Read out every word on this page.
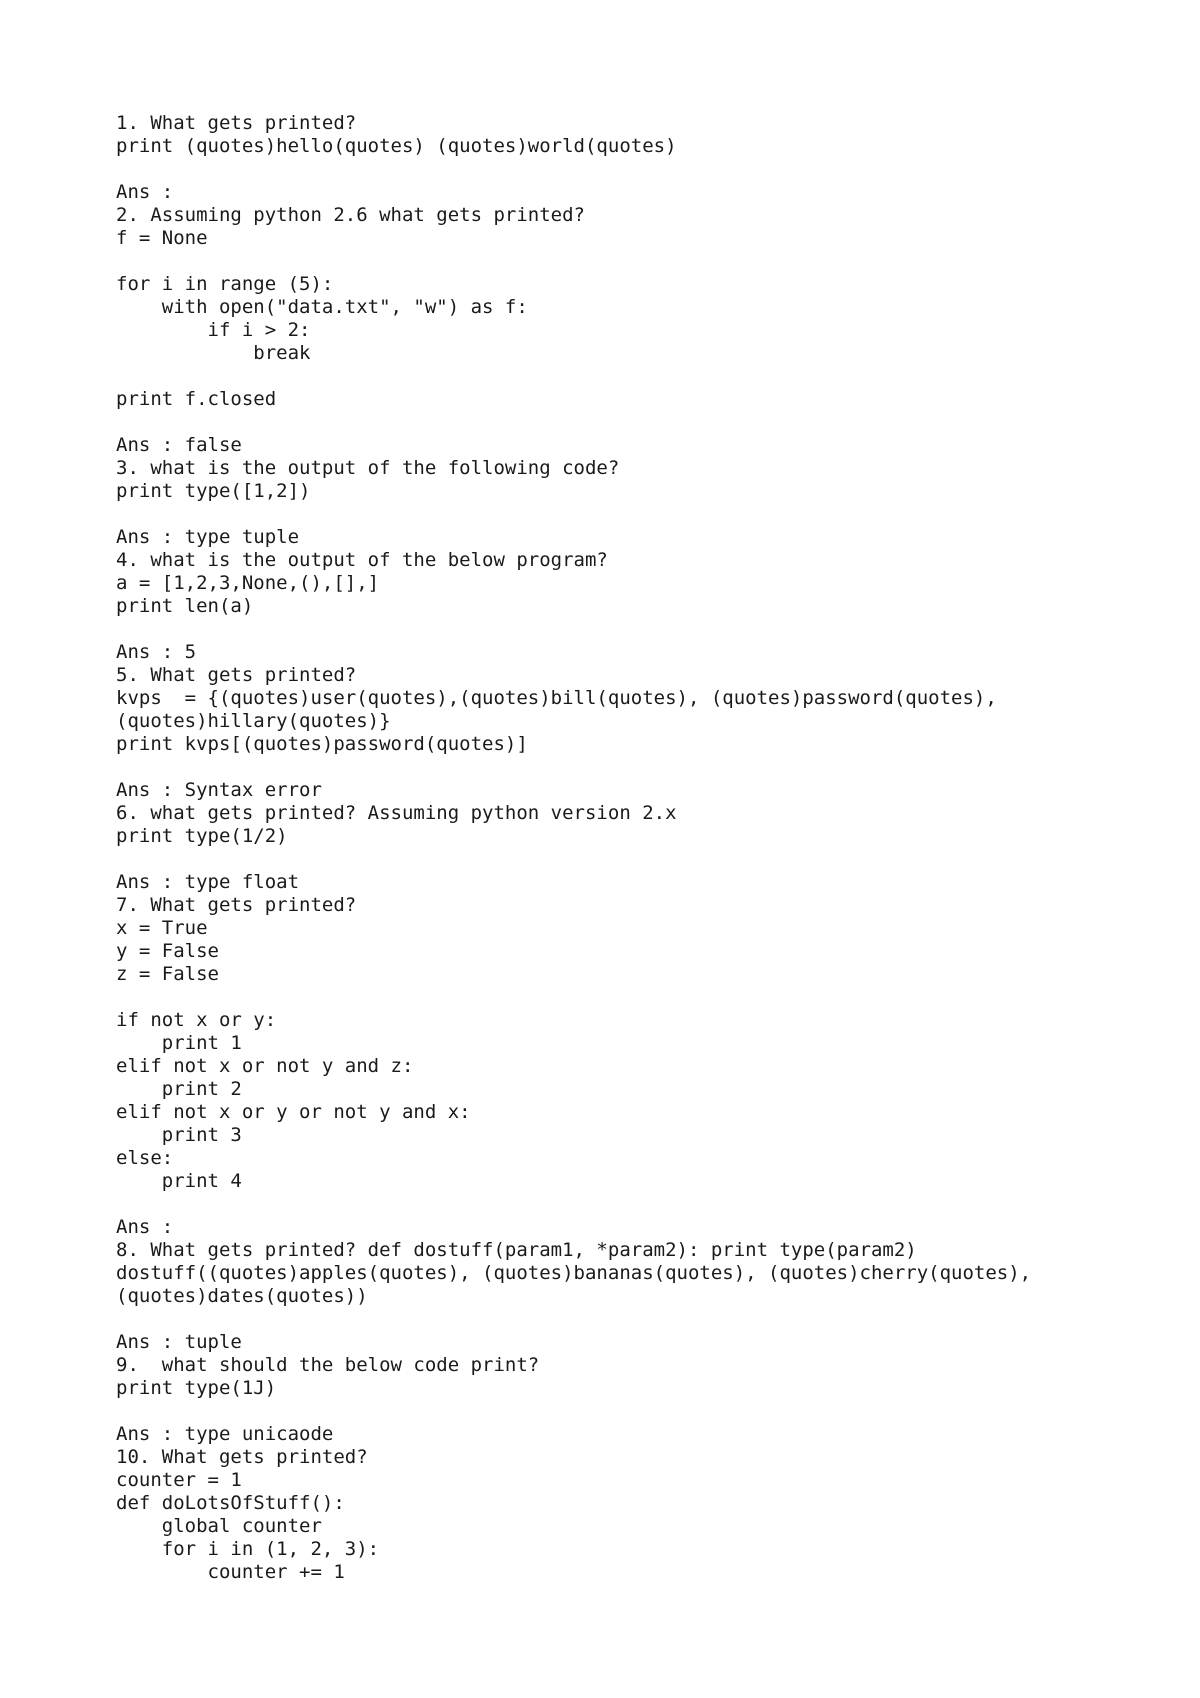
1. What gets printed?
print (quotes)hello(quotes) (quotes)world(quotes)
Ans :
2. Assuming python 2.6 what gets printed?
f = None
for i in range (5):
with open("data.txt", "w") as f:
if i > 2:
break
print f.closed
Ans : false
3. what is the output of the following code?
print type([1,2])
Ans : type tuple
4. what is the output of the below program?
a = [1,2,3,None,(),[],]
print len(a)
Ans : 5
5. What gets printed?
kvps  = {(quotes)user(quotes),(quotes)bill(quotes), (quotes)password(quotes),
(quotes)hillary(quotes)}
print kvps[(quotes)password(quotes)]
Ans : Syntax error
6. what gets printed? Assuming python version 2.x
print type(1/2)
Ans : type float
7. What gets printed?
x = True
y = False
z = False
if not x or y:
print 1
elif not x or not y and z:
print 2
elif not x or y or not y and x:
print 3
else:
print 4
Ans :
8. What gets printed? def dostuff(param1, *param2): print type(param2)
dostuff((quotes)apples(quotes), (quotes)bananas(quotes), (quotes)cherry(quotes),
(quotes)dates(quotes))
Ans : tuple
9.  what should the below code print?
print type(1J)
Ans : type unicaode
10. What gets printed?
counter = 1
def doLotsOfStuff():
global counter
for i in (1, 2, 3):
counter += 1
